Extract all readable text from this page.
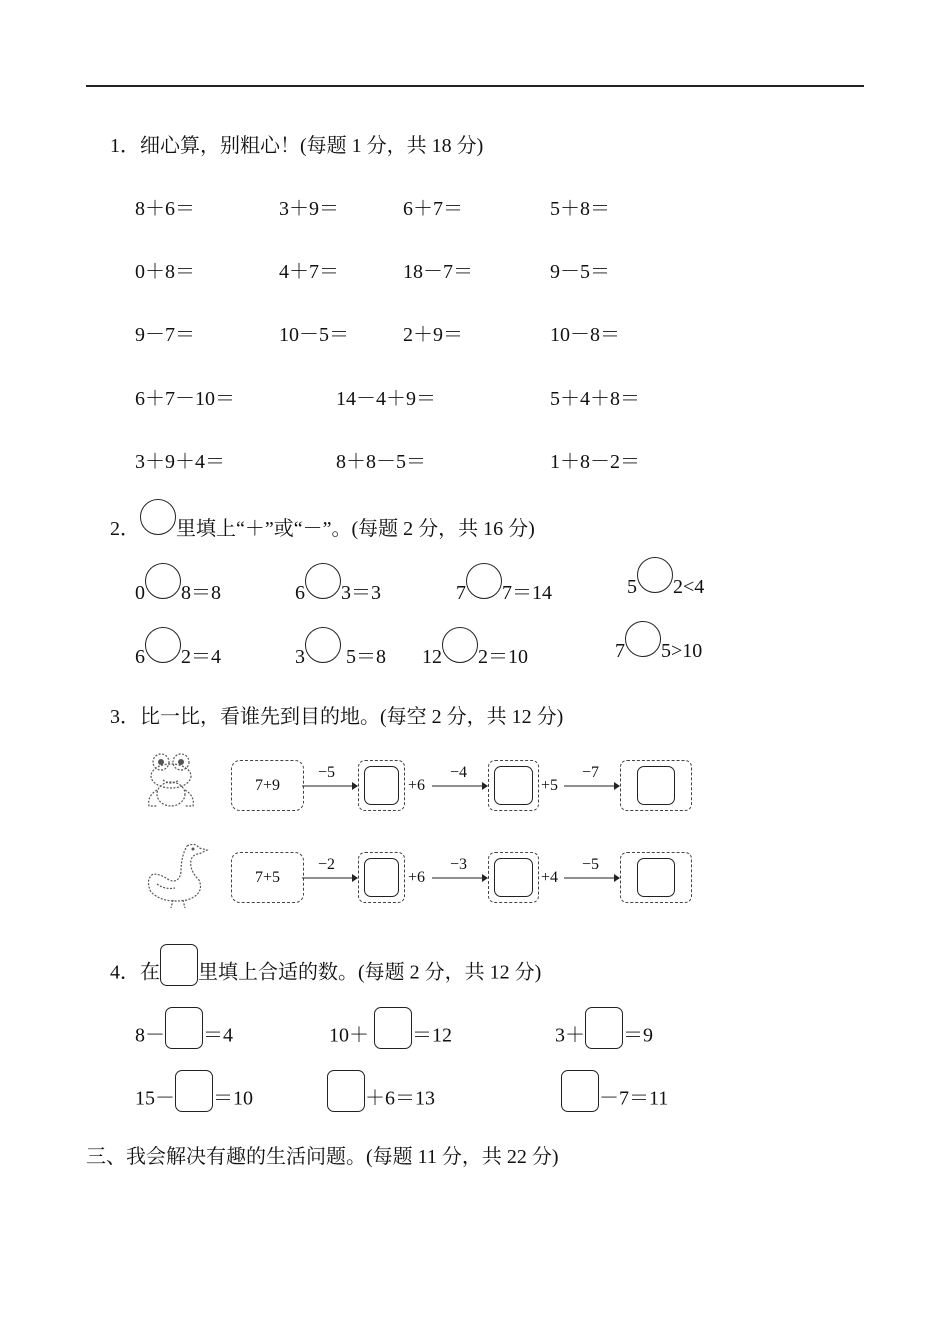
1．细心算，别粗心！(每题 1 分，共 18 分)
8＋6＝	3＋9＝	6＋7＝	5＋8＝
0＋8＝	4＋7＝	18－7＝	9－5＝
9－7＝	10－5＝	2＋9＝	10－8＝
6＋7－10＝	14－4＋9＝	5＋4＋8＝
3＋9＋4＝	8＋8－5＝	1＋8－2＝
2． 里填上“＋”或“－”。(每题 2 分，共 16 分)
0 8＝8	6 3＝3	7 7＝14	5 2<4
6 2＝4	3 5＝8 12 2＝10	7 5>10
3．比一比，看谁先到目的地。(每空 2 分，共 12 分)
7+9
−5
+6
−4
+5
−7
7+5
−2
+6
−3
+4
−5
4．在 里填上合适的数。(每题 2 分，共 12 分)
8－ ＝4	10＋ ＝12	3＋ ＝9
15－ ＝10	＋6＝13	－7＝11
三、我会解决有趣的生活问题。(每题 11 分，共 22 分)
